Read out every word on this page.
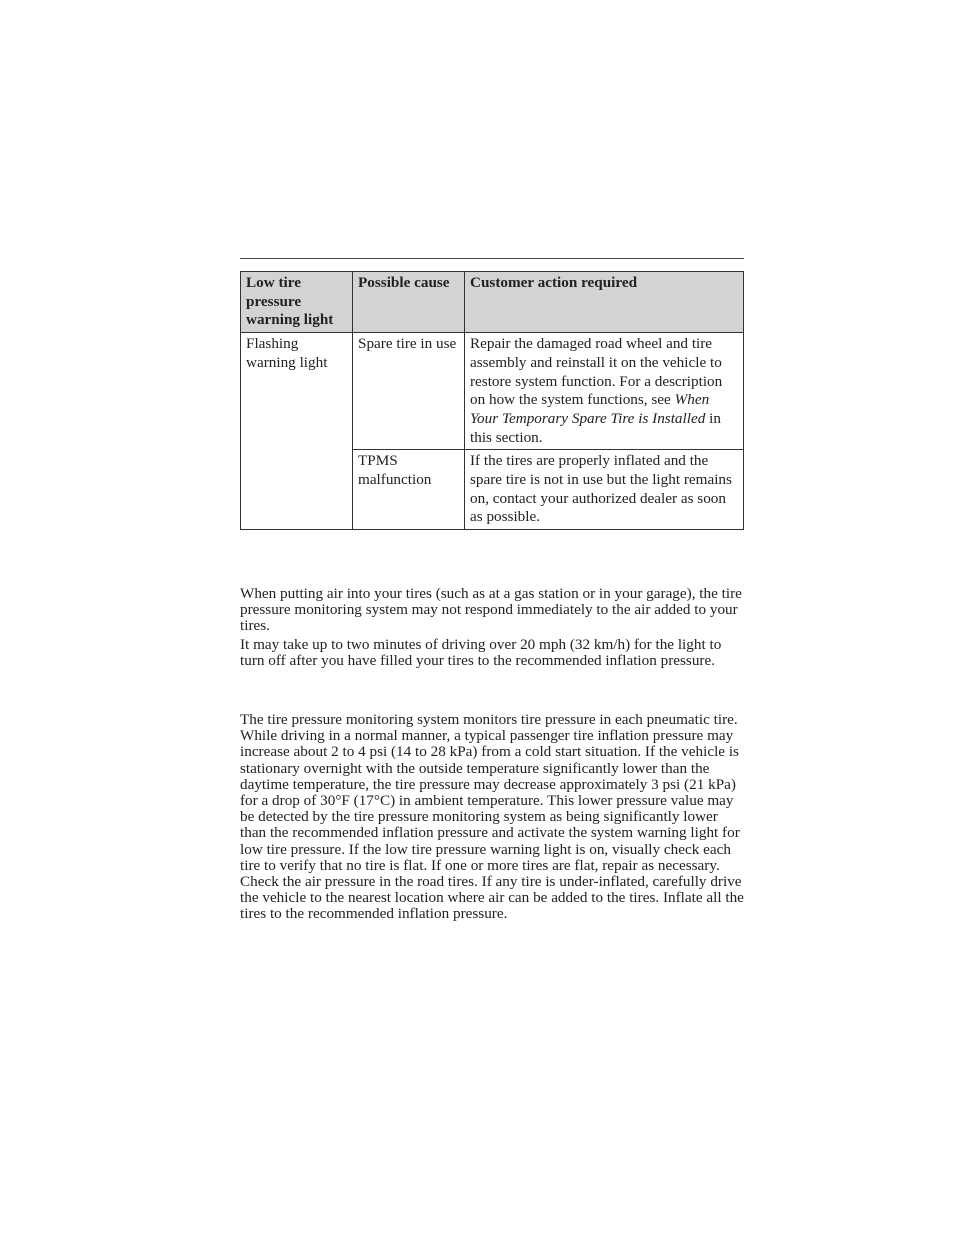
Low tire pressure warning light	Possible cause	Customer action required
Flashing warning light	Spare tire in use	Repair the damaged road wheel and tire assembly and reinstall it on the vehicle to restore system function. For a description on how the system functions, see When Your Temporary Spare Tire is Installed in this section.
	TPMS malfunction	If the tires are properly inflated and the spare tire is not in use but the light remains on, contact your authorized dealer as soon as possible.

When putting air into your tires (such as at a gas station or in your garage), the tire pressure monitoring system may not respond immediately to the air added to your tires.

It may take up to two minutes of driving over 20 mph (32 km/h) for the light to turn off after you have filled your tires to the recommended inflation pressure.

The tire pressure monitoring system monitors tire pressure in each pneumatic tire. While driving in a normal manner, a typical passenger tire inflation pressure may increase about 2 to 4 psi (14 to 28 kPa) from a cold start situation. If the vehicle is stationary overnight with the outside temperature significantly lower than the daytime temperature, the tire pressure may decrease approximately 3 psi (21 kPa) for a drop of 30°F (17°C) in ambient temperature. This lower pressure value may be detected by the tire pressure monitoring system as being significantly lower than the recommended inflation pressure and activate the system warning light for low tire pressure. If the low tire pressure warning light is on, visually check each tire to verify that no tire is flat. If one or more tires are flat, repair as necessary. Check the air pressure in the road tires. If any tire is under-inflated, carefully drive the vehicle to the nearest location where air can be added to the tires. Inflate all the tires to the recommended inflation pressure.
